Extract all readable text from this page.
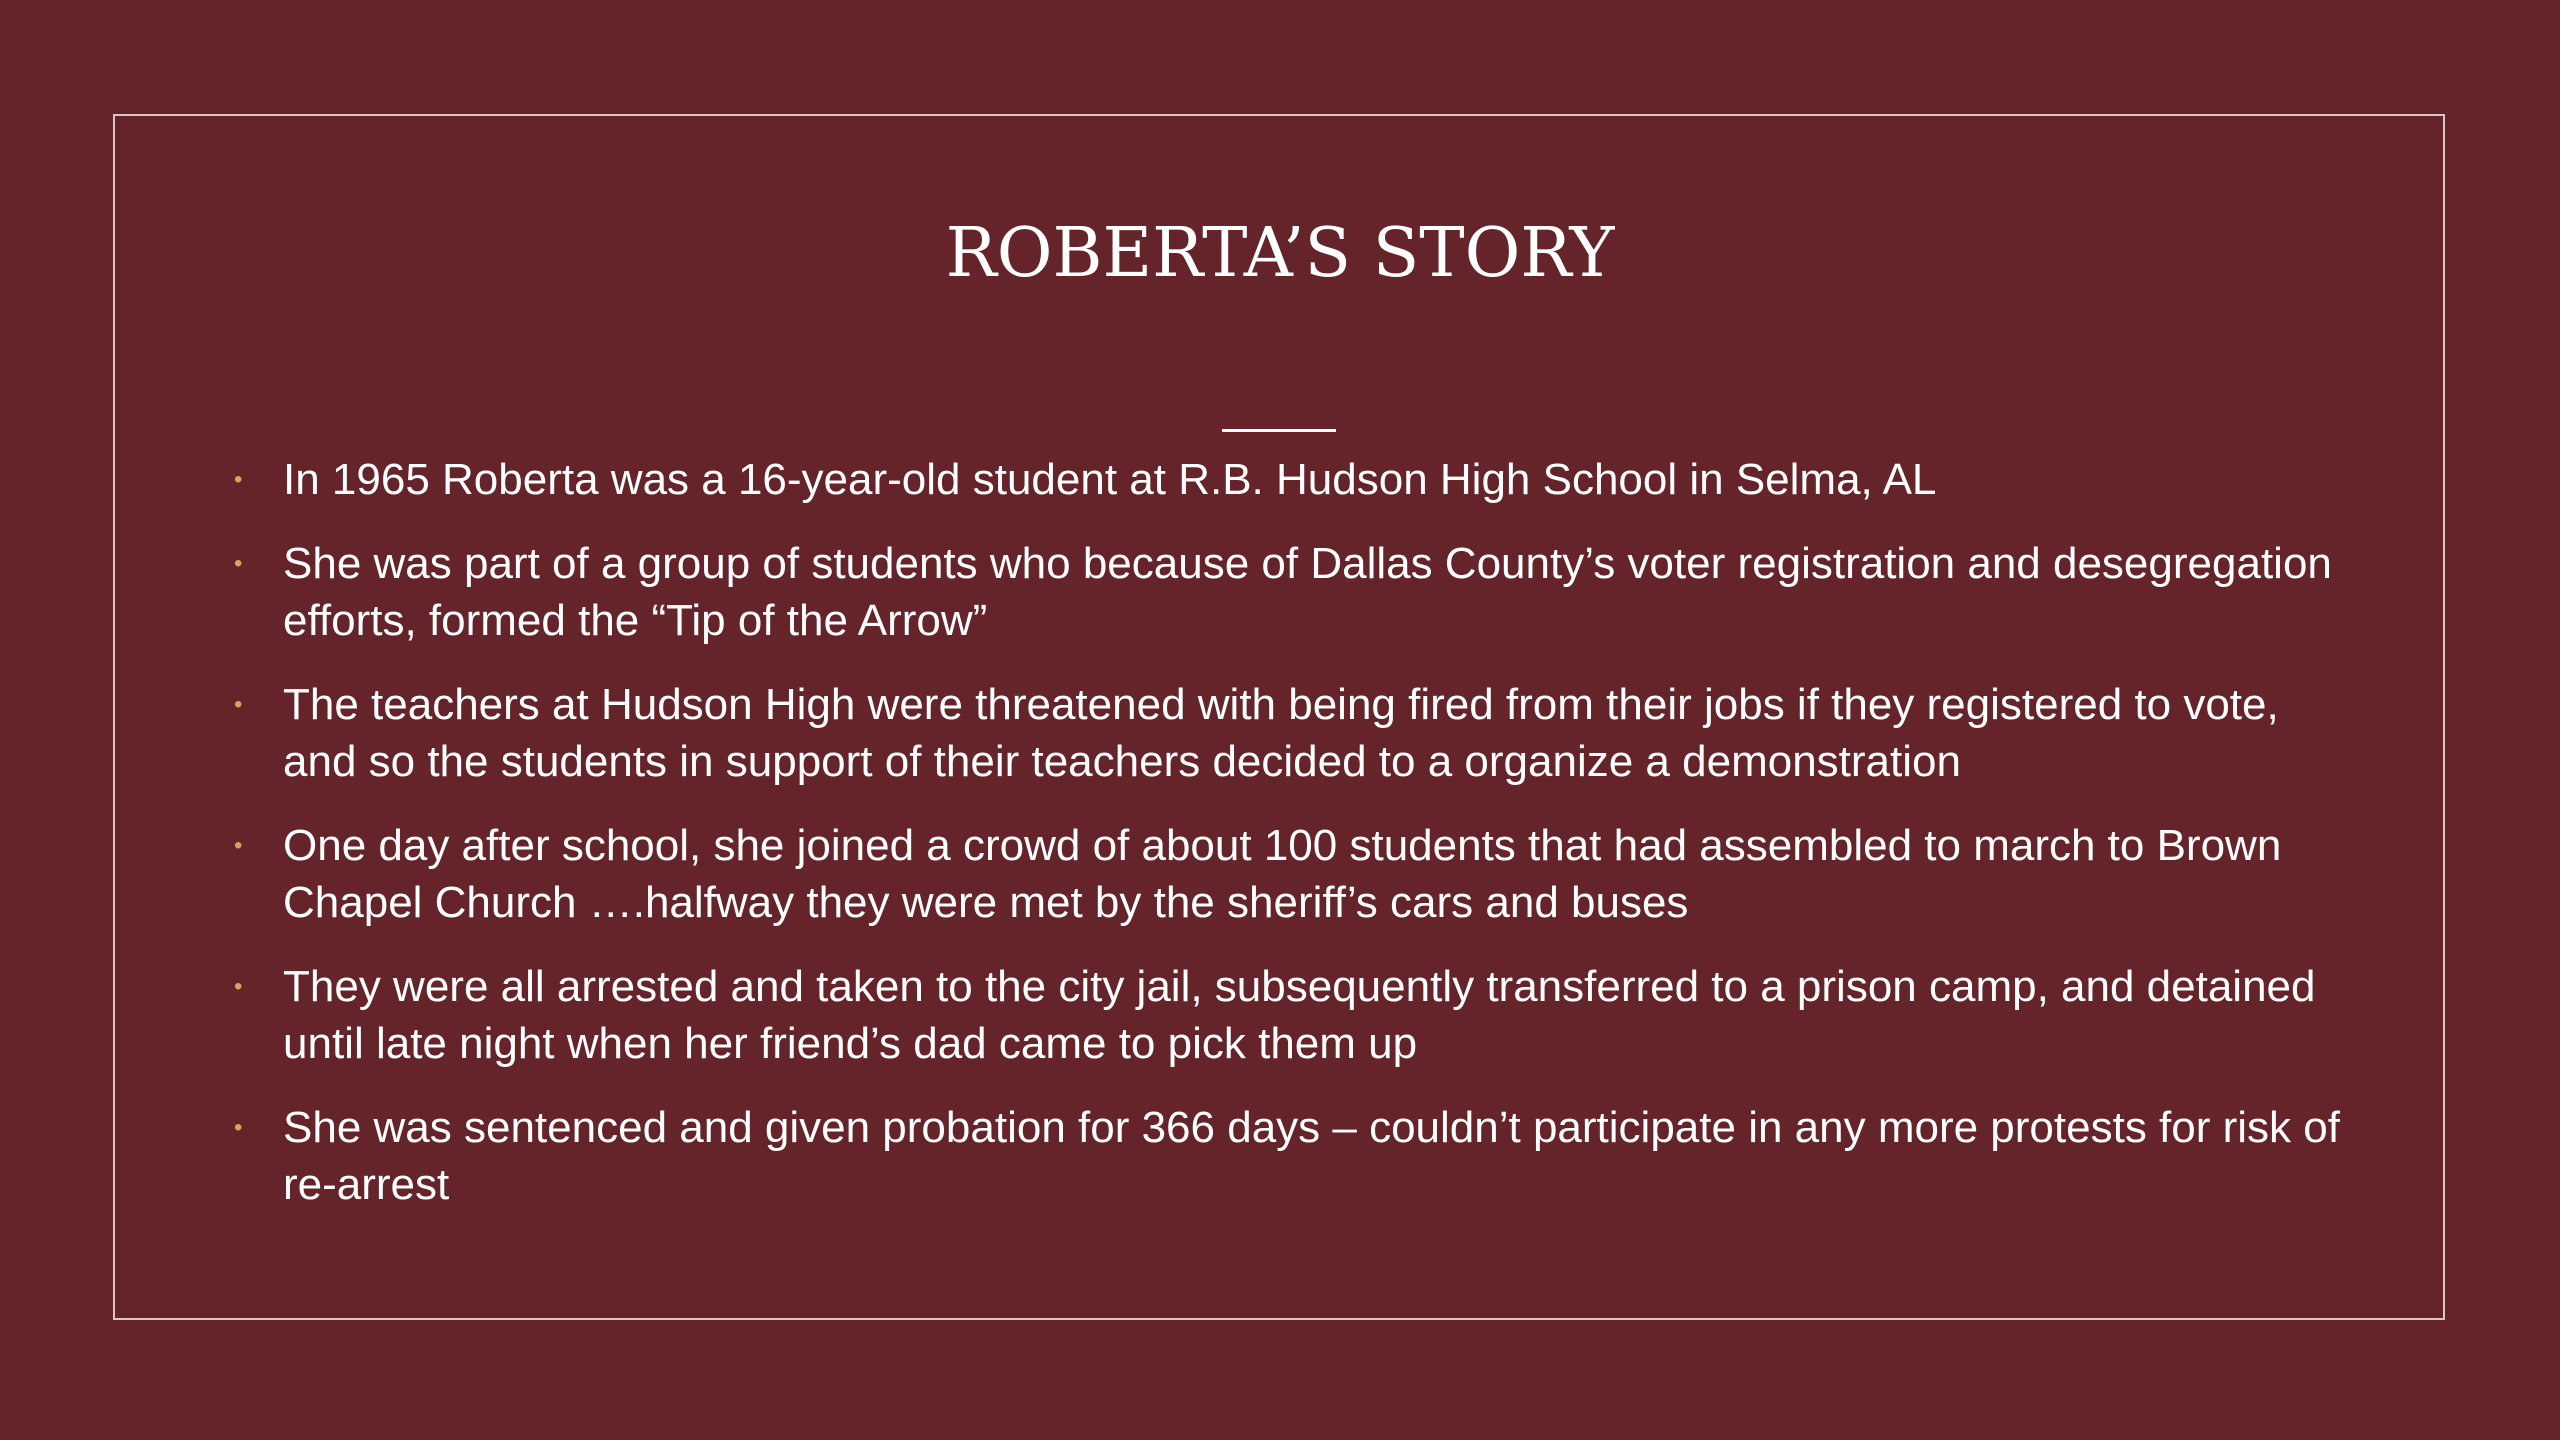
ROBERTA’S STORY
• In 1965 Roberta was a 16-year-old student at R.B. Hudson High School in Selma, AL
• She was part of a group of students who because of Dallas County’s voter registration and desegregation efforts, formed the “Tip of the Arrow”
• The teachers at Hudson High were threatened with being fired from their jobs if they registered to vote, and so the students in support of their teachers decided to a organize a demonstration
• One day after school, she joined a crowd of about 100 students that had assembled to march to Brown Chapel Church ….halfway they were met by the sheriff’s cars and buses
• They were all arrested and taken to the city jail, subsequently transferred to a prison camp, and detained until late night when her friend’s dad came to pick them up
• She was sentenced and given probation for 366 days – couldn’t participate in any more protests for risk of re-arrest
